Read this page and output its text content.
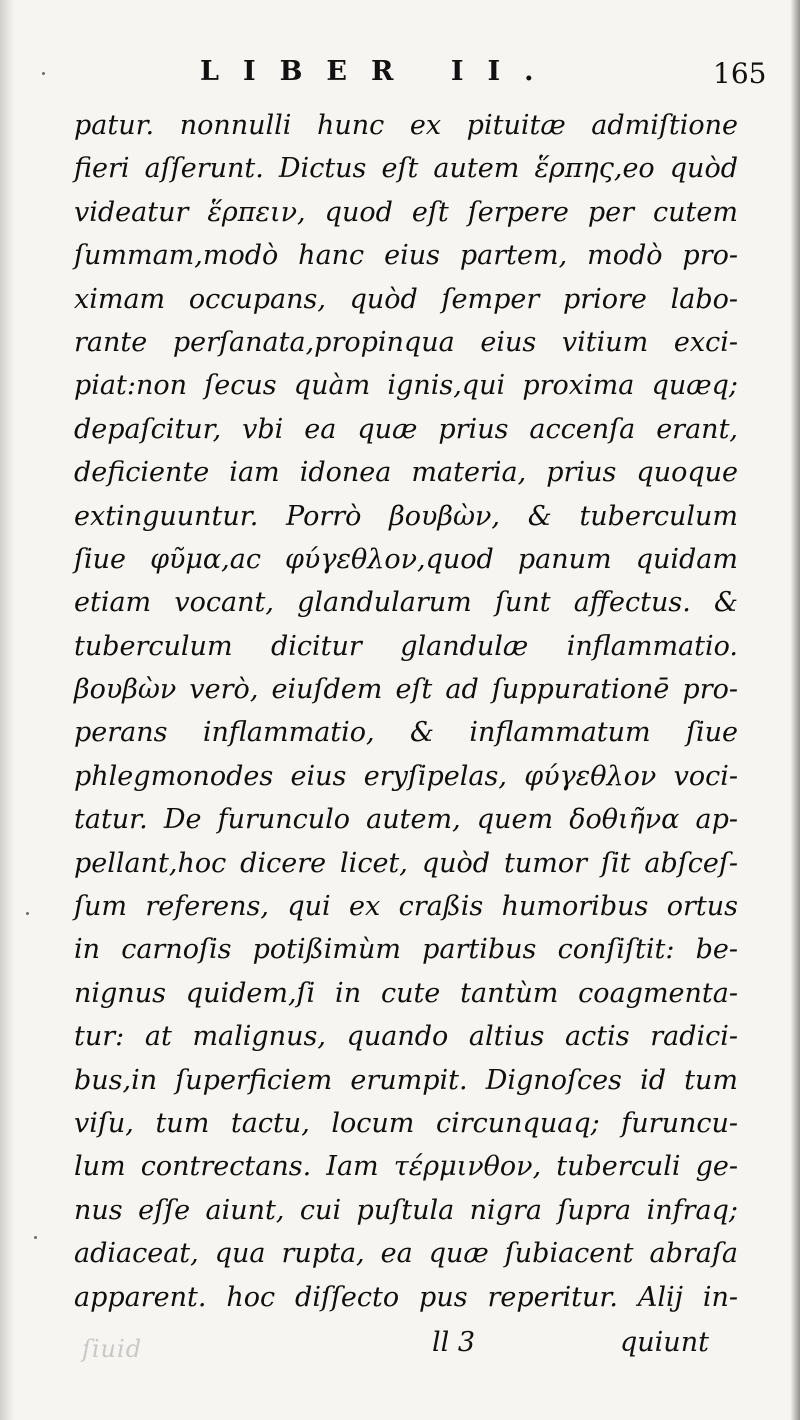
LIBER II.	165
patur. nonnulli hunc ex pituitæ admiſtione
fieri aſſerunt. Dictus eſt autem ἕρπης,eo quòd
videatur ἕρπειν, quod eſt ſerpere per cutem
ſummam,modò hanc eius partem, modò pro-
ximam occupans, quòd ſemper priore labo-
rante perſanata,propinqua eius vitium exci-
piat:non ſecus quàm ignis,qui proxima quæq;
depaſcitur, vbi ea quæ prius accenſa erant,
deficiente iam idonea materia, prius quoque
extinguuntur. Porrò βουβὼν, & tuberculum
ſiue φῦμα,ac φύγεθλον,quod panum quidam
etiam vocant, glandularum ſunt affectus. &
tuberculum dicitur glandulæ inflammatio.
βουβὼν verò, eiuſdem eſt ad ſuppurationē pro-
perans inflammatio, & inflammatum ſiue
phlegmonodes eius eryſipelas, φύγεθλον voci-
tatur. De furunculo autem, quem δοθιῆνα ap-
pellant,hoc dicere licet, quòd tumor ſit abſceſ-
ſum referens, qui ex craßis humoribus ortus
in carnoſis potißimùm partibus conſiſtit: be-
nignus quidem,ſi in cute tantùm coagmenta-
tur: at malignus, quando altius actis radici-
bus,in ſuperficiem erumpit. Dignoſces id tum
viſu, tum tactu, locum circunquaq; furuncu-
lum contrectans. Iam τέρμινθον, tuberculi ge-
nus eſſe aiunt, cui puſtula nigra ſupra infraq;
adiaceat, qua rupta, ea quæ ſubiacent abraſa
apparent. hoc diſſecto pus reperitur. Alij in-
ſiuid	ll 3	quiunt
